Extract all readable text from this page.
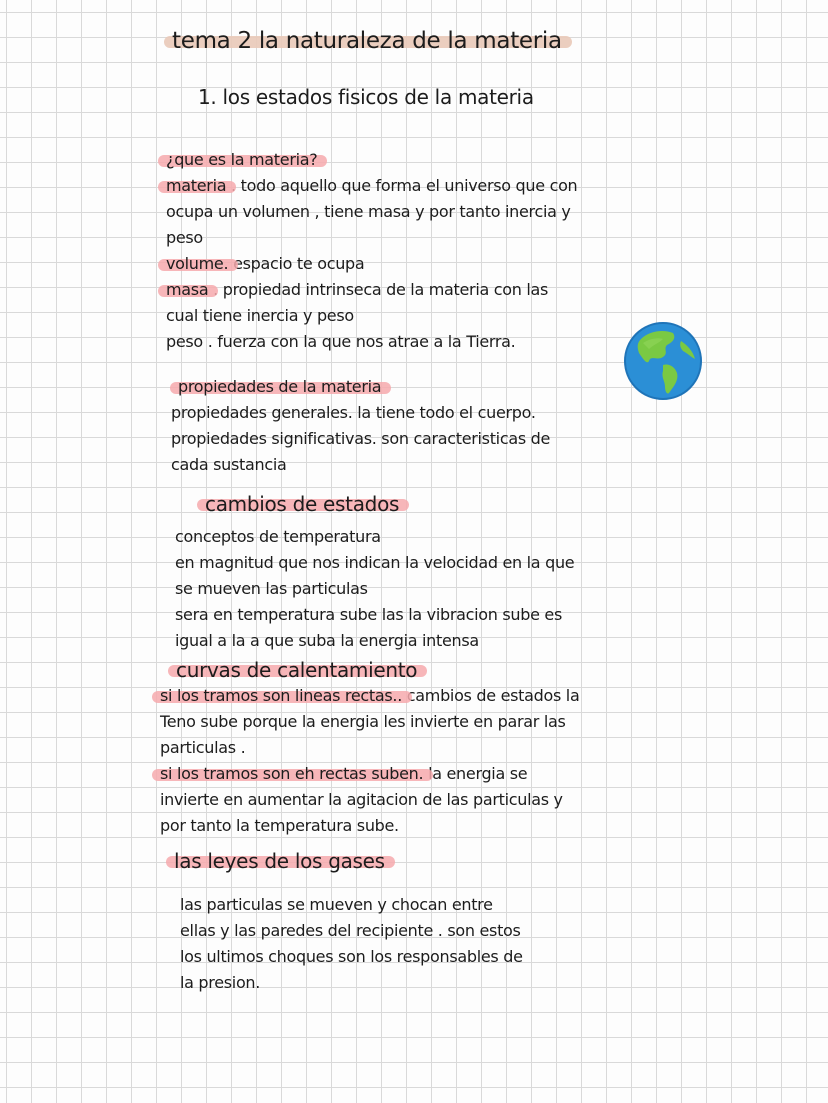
tema 2 la naturaleza de la materia
1. los estados fisicos de la materia
¿que es la materia?
materia . todo aquello que forma el universo que con
ocupa un volumen , tiene masa y por tanto inercia y
peso
volume. espacio te ocupa
masa . propiedad intrinseca de la materia con las
cual tiene inercia y peso
peso . fuerza con la que nos atrae a la Tierra.
propiedades de la materia
propiedades generales. la tiene todo el cuerpo.
propiedades significativas. son caracteristicas de
cada sustancia
cambios de estados
conceptos de temperatura
en magnitud que nos indican la velocidad en la que
se mueven las particulas
sera en temperatura sube las la vibracion sube es
igual a la a que suba la energia intensa
curvas de calentamiento
si los tramos son lineas rectas.. cambios de estados la
Teno sube porque la energia les invierte en parar las
particulas .
si los tramos son eh rectas suben. la energia se
invierte en aumentar la agitacion de las particulas y
por tanto la temperatura sube.
las leyes de los gases
las particulas se mueven y chocan entre
ellas y las paredes del recipiente . son estos
los ultimos choques son los responsables de
la presion.
